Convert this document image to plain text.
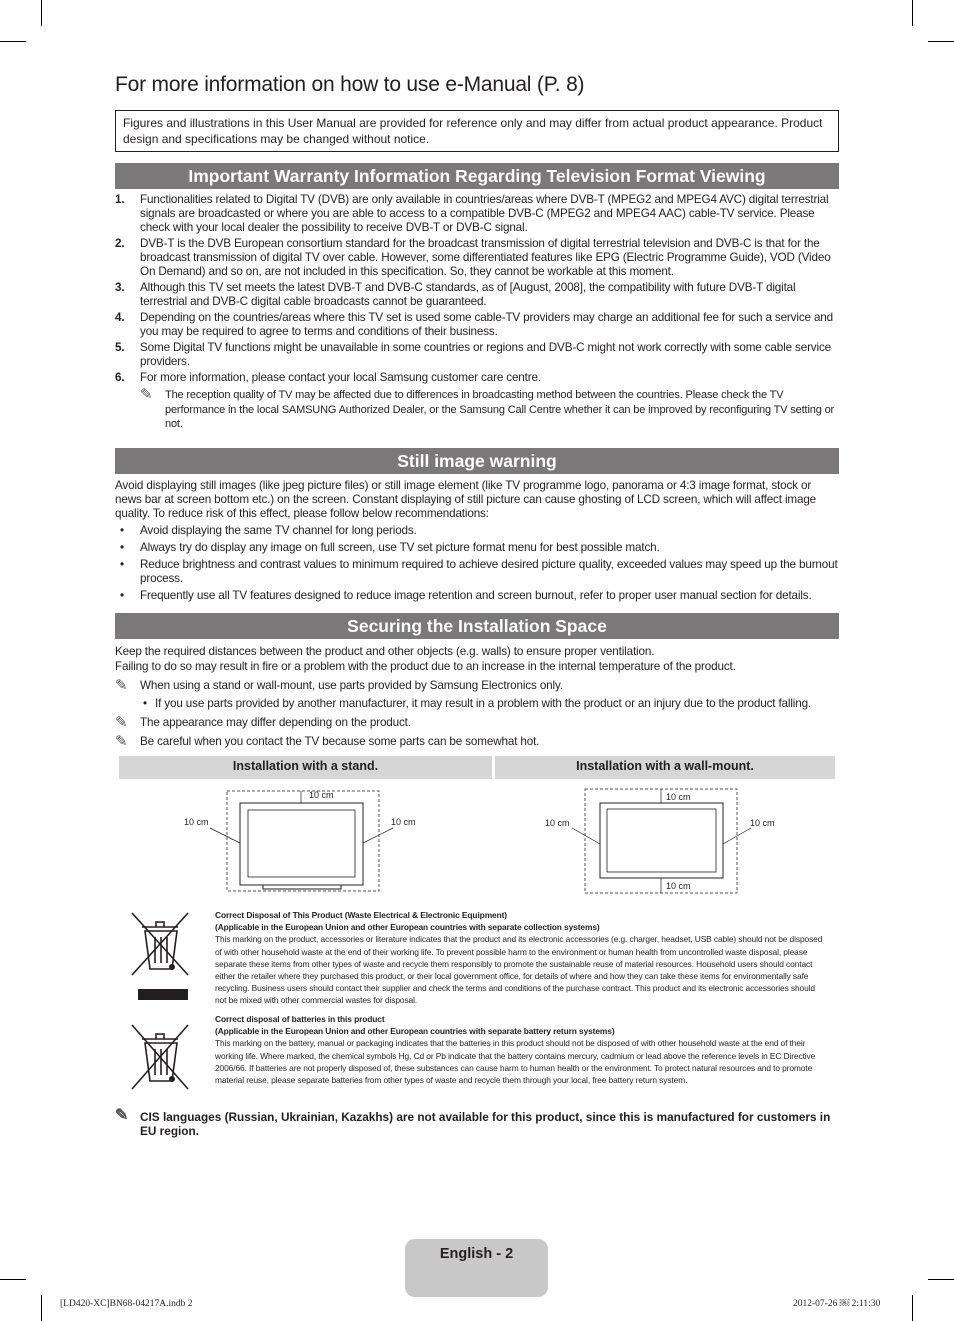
For more information on how to use e-Manual (P. 8)
Figures and illustrations in this User Manual are provided for reference only and may differ from actual product appearance. Product design and specifications may be changed without notice.
Important Warranty Information Regarding Television Format Viewing
1. Functionalities related to Digital TV (DVB) are only available in countries/areas where DVB-T (MPEG2 and MPEG4 AVC) digital terrestrial signals are broadcasted or where you are able to access to a compatible DVB-C (MPEG2 and MPEG4 AAC) cable-TV service. Please check with your local dealer the possibility to receive DVB-T or DVB-C signal.
2. DVB-T is the DVB European consortium standard for the broadcast transmission of digital terrestrial television and DVB-C is that for the broadcast transmission of digital TV over cable. However, some differentiated features like EPG (Electric Programme Guide), VOD (Video On Demand) and so on, are not included in this specification. So, they cannot be workable at this moment.
3. Although this TV set meets the latest DVB-T and DVB-C standards, as of [August, 2008], the compatibility with future DVB-T digital terrestrial and DVB-C digital cable broadcasts cannot be guaranteed.
4. Depending on the countries/areas where this TV set is used some cable-TV providers may charge an additional fee for such a service and you may be required to agree to terms and conditions of their business.
5. Some Digital TV functions might be unavailable in some countries or regions and DVB-C might not work correctly with some cable service providers.
6. For more information, please contact your local Samsung customer care centre.
✎ The reception quality of TV may be affected due to differences in broadcasting method between the countries. Please check the TV performance in the local SAMSUNG Authorized Dealer, or the Samsung Call Centre whether it can be improved by reconfiguring TV setting or not.
Still image warning
Avoid displaying still images (like jpeg picture files) or still image element (like TV programme logo, panorama or 4:3 image format, stock or news bar at screen bottom etc.) on the screen. Constant displaying of still picture can cause ghosting of LCD screen, which will affect image quality. To reduce risk of this effect, please follow below recommendations:
• Avoid displaying the same TV channel for long periods.
• Always try do display any image on full screen, use TV set picture format menu for best possible match.
• Reduce brightness and contrast values to minimum required to achieve desired picture quality, exceeded values may speed up the burnout process.
• Frequently use all TV features designed to reduce image retention and screen burnout, refer to proper user manual section for details.
Securing the Installation Space
Keep the required distances between the product and other objects (e.g. walls) to ensure proper ventilation.
Failing to do so may result in fire or a problem with the product due to an increase in the internal temperature of the product.
✎ When using a stand or wall-mount, use parts provided by Samsung Electronics only.
• If you use parts provided by another manufacturer, it may result in a problem with the product or an injury due to the product falling.
✎ The appearance may differ depending on the product.
✎ Be careful when you contact the TV because some parts can be somewhat hot.
Installation with a stand.	Installation with a wall-mount.
10 cm
10 cm	10 cm
10 cm
10 cm
10 cm	10 cm
Correct Disposal of This Product (Waste Electrical & Electronic Equipment)
(Applicable in the European Union and other European countries with separate collection systems)
This marking on the product, accessories or literature indicates that the product and its electronic accessories (e.g. charger, headset, USB cable) should not be disposed of with other household waste at the end of their working life. To prevent possible harm to the environment or human health from uncontrolled waste disposal, please separate these items from other types of waste and recycle them responsibly to promote the sustainable reuse of material resources. Household users should contact either the retailer where they purchased this product, or their local government office, for details of where and how they can take these items for environmentally safe recycling. Business users should contact their supplier and check the terms and conditions of the purchase contract. This product and its electronic accessories should not be mixed with other commercial wastes for disposal.
Correct disposal of batteries in this product
(Applicable in the European Union and other European countries with separate battery return systems)
This marking on the battery, manual or packaging indicates that the batteries in this product should not be disposed of with other household waste at the end of their working life. Where marked, the chemical symbols Hg, Cd or Pb indicate that the battery contains mercury, cadmium or lead above the reference levels in EC Directive 2006/66. If batteries are not properly disposed of, these substances can cause harm to human health or the environment. To protect natural resources and to promote material reuse, please separate batteries from other types of waste and recycle them through your local, free battery return system.
✎ CIS languages (Russian, Ukrainian, Kazakhs) are not available for this product, since this is manufactured for customers in EU region.
English - 2
[LD420-XC]BN68-04217A.indb 2	2012-07-26 ￼ 2:11:30
